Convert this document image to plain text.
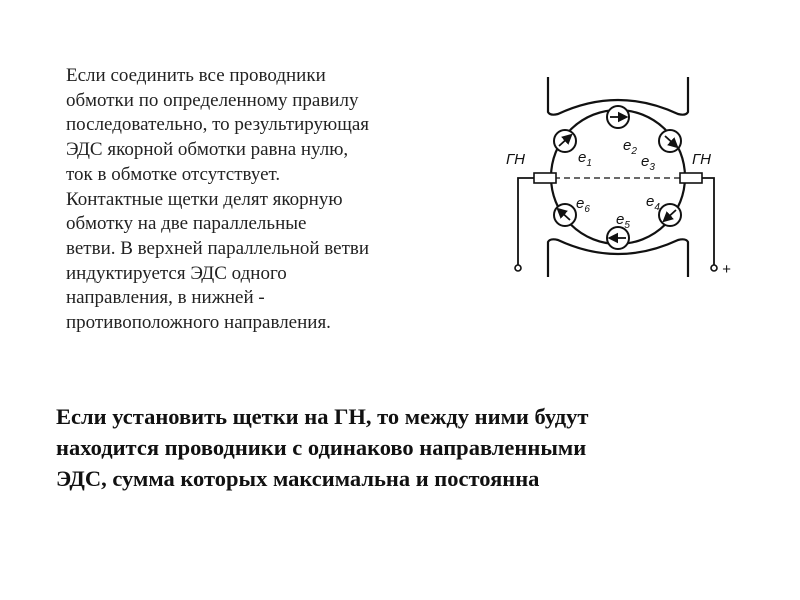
Если соединить все проводники
обмотки по определенному правилу
последовательно, то результирующая
ЭДС якорной обмотки равна нулю,
ток в обмотке отсутствует.
Контактные щетки делят якорную
обмотку на две параллельные
ветви. В верхней параллельной ветви
индуктируется ЭДС одного
направления, в нижней -
противоположного направления.
ГН	ГН
+
$e_1$
$e_2$
$e_3$
$e_4$
$e_5$
$e_6$
Если установить щетки на ГН, то между ними будут
находится проводники с одинаково направленными
ЭДС, сумма которых максимальна и постоянна
